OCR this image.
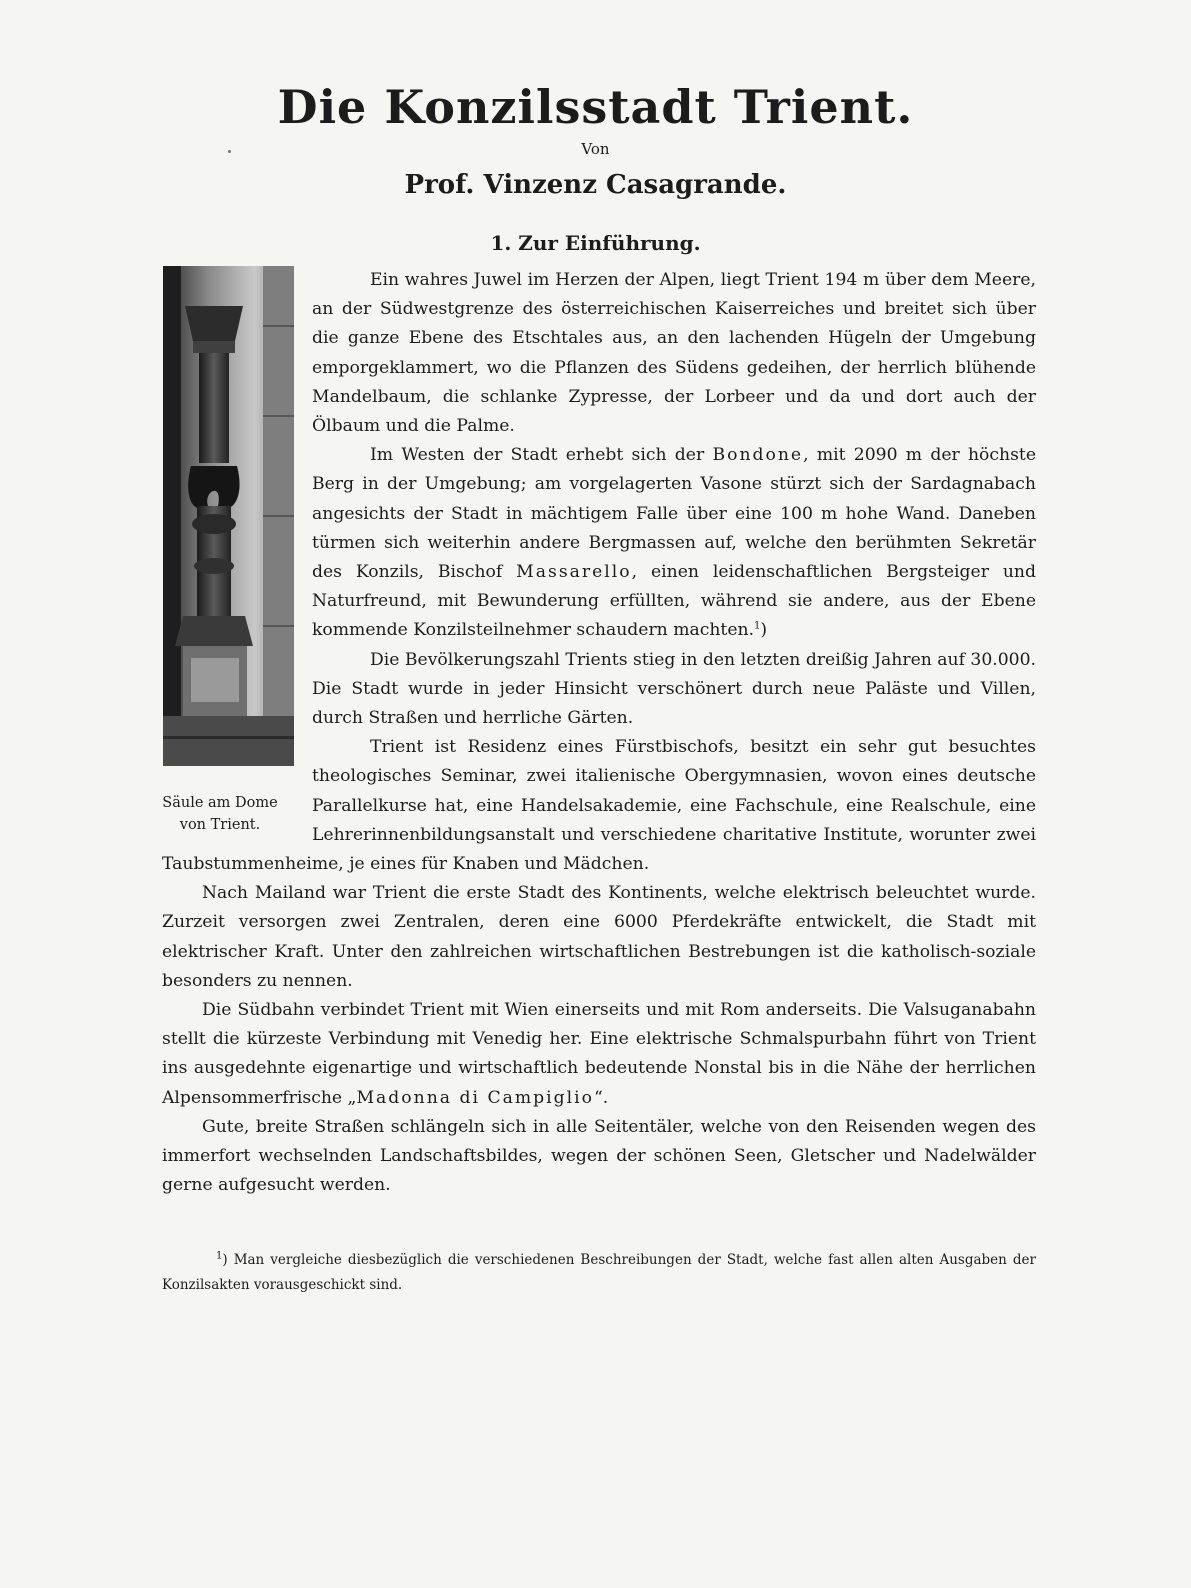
Die Konzilsstadt Trient.
Von
Prof. Vinzenz Casagrande.
1. Zur Einführung.
Säule am Dome
von Trient.

Ein wahres Juwel im Herzen der Alpen, liegt Trient 194 m über dem Meere, an der Südwestgrenze des österreichischen Kaiserreiches und breitet sich über die ganze Ebene des Etschtales aus, an den lachenden Hügeln der Umgebung emporgeklammert, wo die Pflanzen des Südens gedeihen, der herrlich blühende Mandelbaum, die schlanke Zypresse, der Lorbeer und da und dort auch der Ölbaum und die Palme.

Im Westen der Stadt erhebt sich der Bondone, mit 2090 m der höchste Berg in der Umgebung; am vorgelagerten Vasone stürzt sich der Sardagnabach angesichts der Stadt in mächtigem Falle über eine 100 m hohe Wand. Daneben türmen sich weiterhin andere Bergmassen auf, welche den berühmten Sekretär des Konzils, Bischof Massarello, einen leidenschaftlichen Bergsteiger und Naturfreund, mit Bewunderung erfüllten, während sie andere, aus der Ebene kommende Konzilsteilnehmer schaudern machten.$^1$)

Die Bevölkerungszahl Trients stieg in den letzten dreißig Jahren auf 30.000. Die Stadt wurde in jeder Hinsicht verschönert durch neue Paläste und Villen, durch Straßen und herrliche Gärten.

Trient ist Residenz eines Fürstbischofs, besitzt ein sehr gut besuchtes theologisches Seminar, zwei italienische Obergymnasien, wovon eines deutsche Parallelkurse hat, eine Handelsakademie, eine Fachschule, eine Realschule, eine Lehrerinnenbildungsanstalt und verschiedene charitative Institute, worunter zwei Taubstummenheime, je eines für Knaben und Mädchen.

Nach Mailand war Trient die erste Stadt des Kontinents, welche elektrisch beleuchtet wurde. Zurzeit versorgen zwei Zentralen, deren eine 6000 Pferdekräfte entwickelt, die Stadt mit elektrischer Kraft. Unter den zahlreichen wirtschaftlichen Bestrebungen ist die katholisch-soziale besonders zu nennen.

Die Südbahn verbindet Trient mit Wien einerseits und mit Rom anderseits. Die Valsuganabahn stellt die kürzeste Verbindung mit Venedig her. Eine elektrische Schmalspurbahn führt von Trient ins ausgedehnte eigenartige und wirtschaftlich bedeutende Nonstal bis in die Nähe der herrlichen Alpensommerfrische „Madonna di Campiglio“.

Gute, breite Straßen schlängeln sich in alle Seitentäler, welche von den Reisenden wegen des immerfort wechselnden Landschaftsbildes, wegen der schönen Seen, Gletscher und Nadelwälder gerne aufgesucht werden.

$^1$) Man vergleiche diesbezüglich die verschiedenen Beschreibungen der Stadt, welche fast allen alten Ausgaben der Konzilsakten vorausgeschickt sind.
